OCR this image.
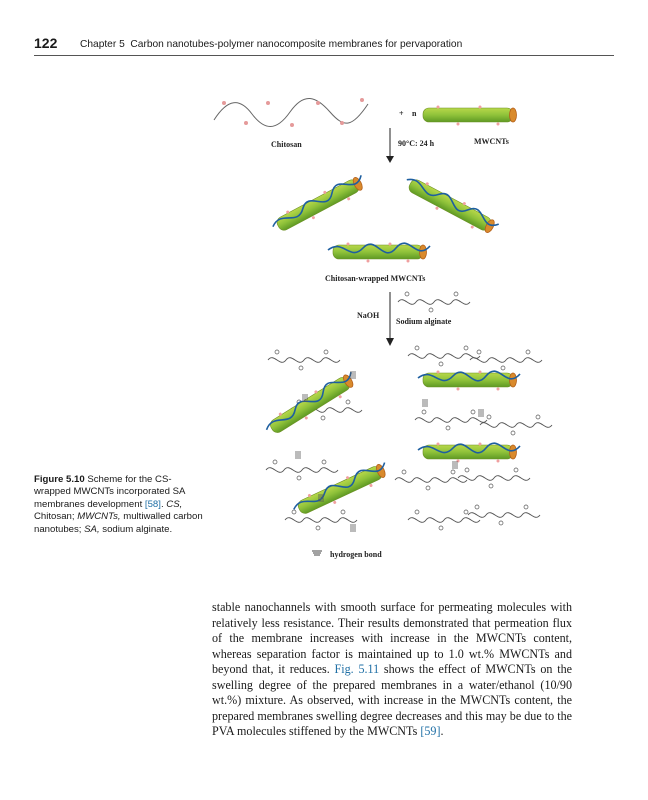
122 Chapter 5 Carbon nanotubes-polymer nanocomposite membranes for pervaporation
+ n
Chitosan	90°C: 24 h	MWCNTs
Chitosan-wrapped MWCNTs
NaOH
Sodium alginate
hydrogen bond
Figure 5.10 Scheme for the CS-wrapped MWCNTs incorporated SA membranes development [58]. CS, Chitosan; MWCNTs, multiwalled carbon nanotubes; SA, sodium alginate.
stable nanochannels with smooth surface for permeating molecules with relatively less resistance. Their results demonstrated that permeation flux of the membrane increases with increase in the MWCNTs content, whereas separation factor is maintained up to 1.0 wt.% MWCNTs and beyond that, it reduces. Fig. 5.11 shows the effect of MWCNTs on the swelling degree of the prepared membranes in a water/ethanol (10/90 wt.%) mixture. As observed, with increase in the MWCNTs content, the prepared membranes swelling degree decreases and this may be due to the PVA molecules stiffened by the MWCNTs [59].
